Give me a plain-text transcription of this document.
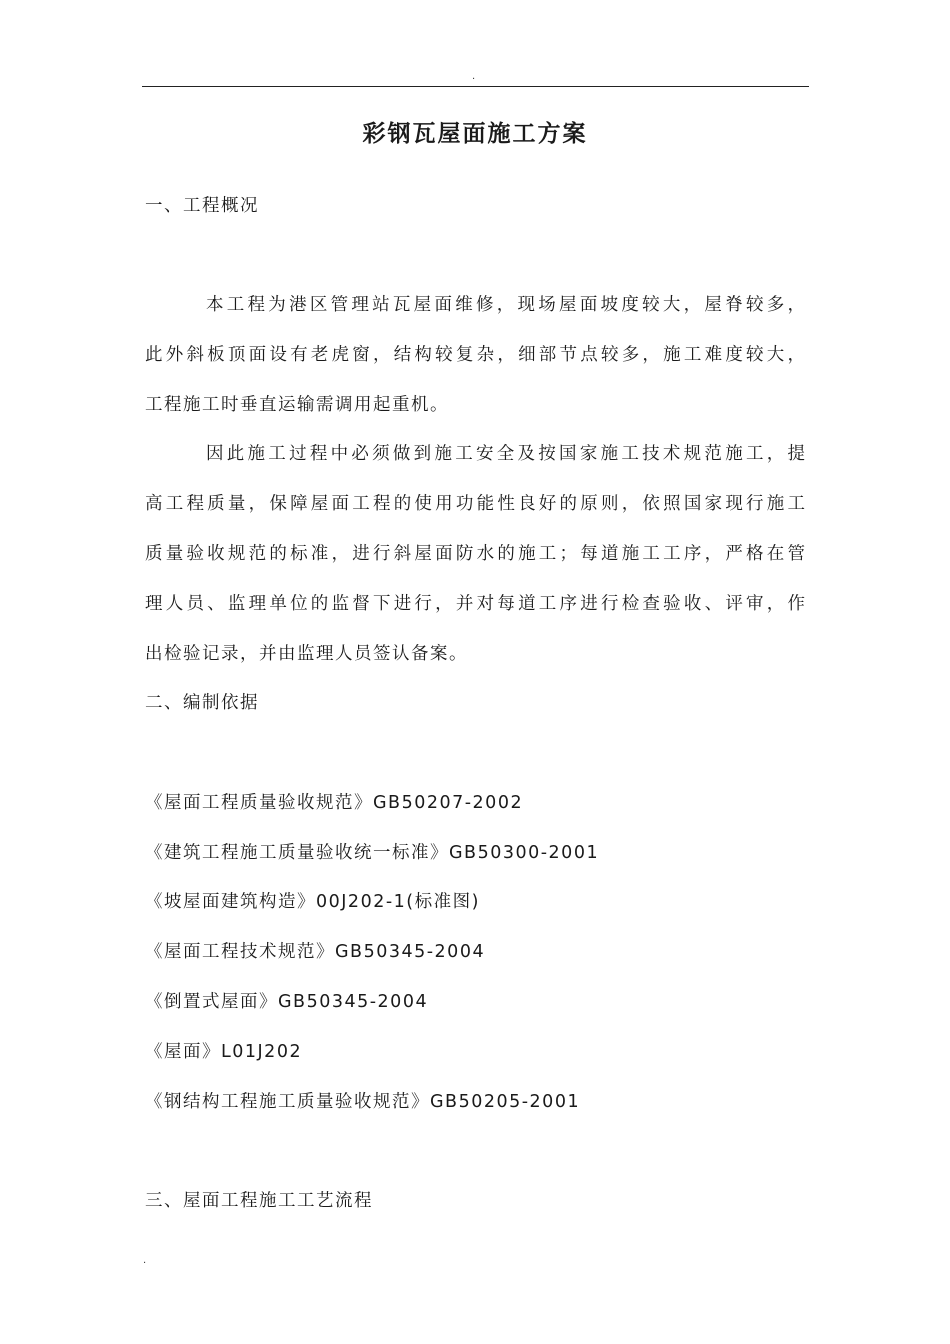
.
彩钢瓦屋面施工方案
一、工程概况
本工程为港区管理站瓦屋面维修，现场屋面坡度较大，屋脊较多，
此外斜板顶面设有老虎窗，结构较复杂，细部节点较多，施工难度较大，
工程施工时垂直运输需调用起重机。
因此施工过程中必须做到施工安全及按国家施工技术规范施工，提
高工程质量，保障屋面工程的使用功能性良好的原则，依照国家现行施工
质量验收规范的标准，进行斜屋面防水的施工；每道施工工序，严格在管
理人员、监理单位的监督下进行，并对每道工序进行检查验收、评审，作
出检验记录，并由监理人员签认备案。
二、编制依据
《屋面工程质量验收规范》GB50207-2002
《建筑工程施工质量验收统一标准》GB50300-2001
《坡屋面建筑构造》00J202-1(标准图)
《屋面工程技术规范》GB50345-2004
《倒置式屋面》GB50345-2004
《屋面》L01J202
《钢结构工程施工质量验收规范》GB50205-2001
三、屋面工程施工工艺流程
.
